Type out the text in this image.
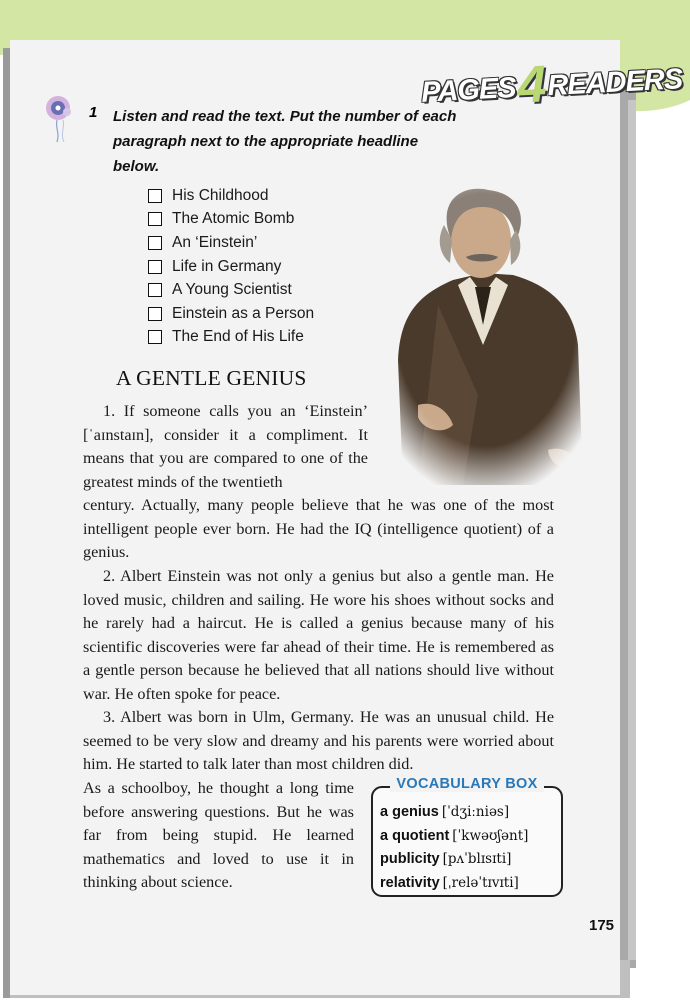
PAGES4READERS
1 Listen and read the text. Put the number of each paragraph next to the appropriate headline below.
His Childhood
The Atomic Bomb
An ‘Einstein’
Life in Germany
A Young Scientist
Einstein as a Person
The End of His Life
A GENTLE GENIUS

1. If someone calls you an ‘Einstein’ [ˈaɪnstaɪn], consider it a compliment. It means that you are compared to one of the greatest minds of the twentieth

century. Actually, many people believe that he was one of the most intelligent people ever born. He had the IQ (intelligence quotient) of a genius.

2. Albert Einstein was not only a genius but also a gentle man. He loved music, children and sailing. He wore his shoes without socks and he rarely had a haircut. He is called a genius because many of his scientific discoveries were far ahead of their time. He is remembered as a gentle person because he believed that all nations should live without war. He often spoke for peace.

3. Albert was born in Ulm, Germany. He was an unusual child. He seemed to be very slow and dreamy and his parents were worried about him. He started to talk later than most children did.

As a schoolboy, he thought a long time before answering questions. But he was far from being stupid. He learned mathematics and loved to use it in thinking about science.

VOCABULARY BOX
a genius [ˈdʒiːniəs]
a quotient [ˈkwəʊʃənt]
publicity [pʌˈblɪsɪti]
relativity [ˌreləˈtɪvɪti]
175
